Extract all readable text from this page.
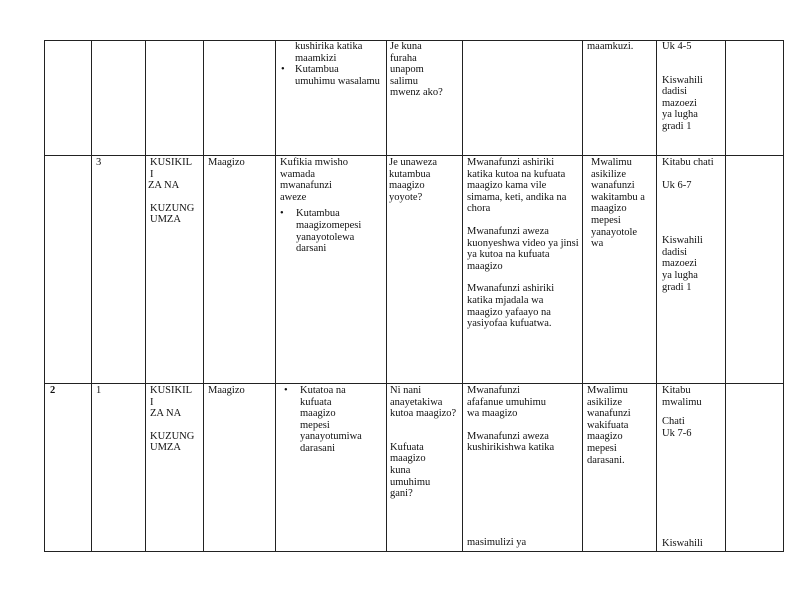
kushirika katika maamkizi
• Kutambua umuhimu wasalamu

Je kuna furaha unapom salimu mwenz ako?

maamkuzi.	Uk 4-5

Kiswahili dadisi mazoezi ya lugha gradi 1

3	KUSIKIL

I

ZA NA

KUZUNG

UMZA

Maagizo	Kufikia mwisho wamada mwanafunzi aweze

• Kutambua maagizomepesi yanayotolewa darsani

Je unaweza kutambua maagizo yoyote?

Mwanafunzi ashiriki katika kutoa na kufuata maagizo kama vile simama, keti, andika na chora

Mwanafunzi aweza kuonyeshwa video ya jinsi ya kutoa na kufuata maagizo

Mwanafunzi ashiriki katika mjadala wa maagizo yafaayo na yasiyofaa kufuatwa.

Mwalimu asikilize wanafunzi wakitambu a maagizo mepesi yanayotole wa

Kitabu chati

Uk 6-7

Kiswahili dadisi mazoezi ya lugha gradi 1

2	1	KUSIKIL

I

ZA NA

KUZUNG

UMZA

Maagizo

•	Kutatoa na kufuata maagizo mepesi yanayotumiwa darasani

Ni nani anayetakiwa kutoa maagizo?

Kufuata maagizo kuna umuhimu gani?

Mwanafunzi afafanue umuhimu wa maagizo

Mwanafunzi aweza kushirikishwa katika

masimulizi ya

Mwalimu asikilize wanafunzi wakifuata maagizo mepesi darasani.

Kitabu mwalimu

Chati

Uk 7-6

Kiswahili
